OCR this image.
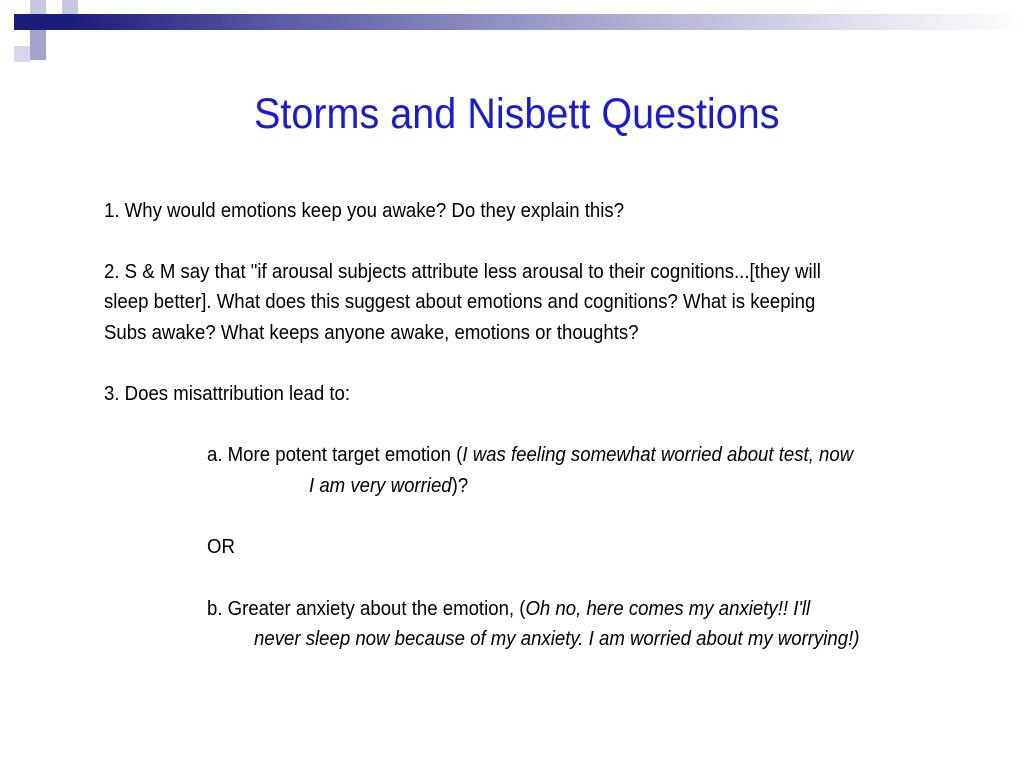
Storms and Nisbett Questions
1. Why would emotions keep you awake? Do they explain this?
2. S & M say that "if arousal subjects attribute less arousal to their cognitions...[they will
sleep better]. What does this suggest about emotions and cognitions? What is keeping
Subs awake? What keeps anyone awake, emotions or thoughts?
3. Does misattribution lead to:
a. More potent target emotion (I was feeling somewhat worried about test, now
I am very worried)?
OR
b. Greater anxiety about the emotion, (Oh no, here comes my anxiety!! I'll
never sleep now because of my anxiety. I am worried about my worrying!)
